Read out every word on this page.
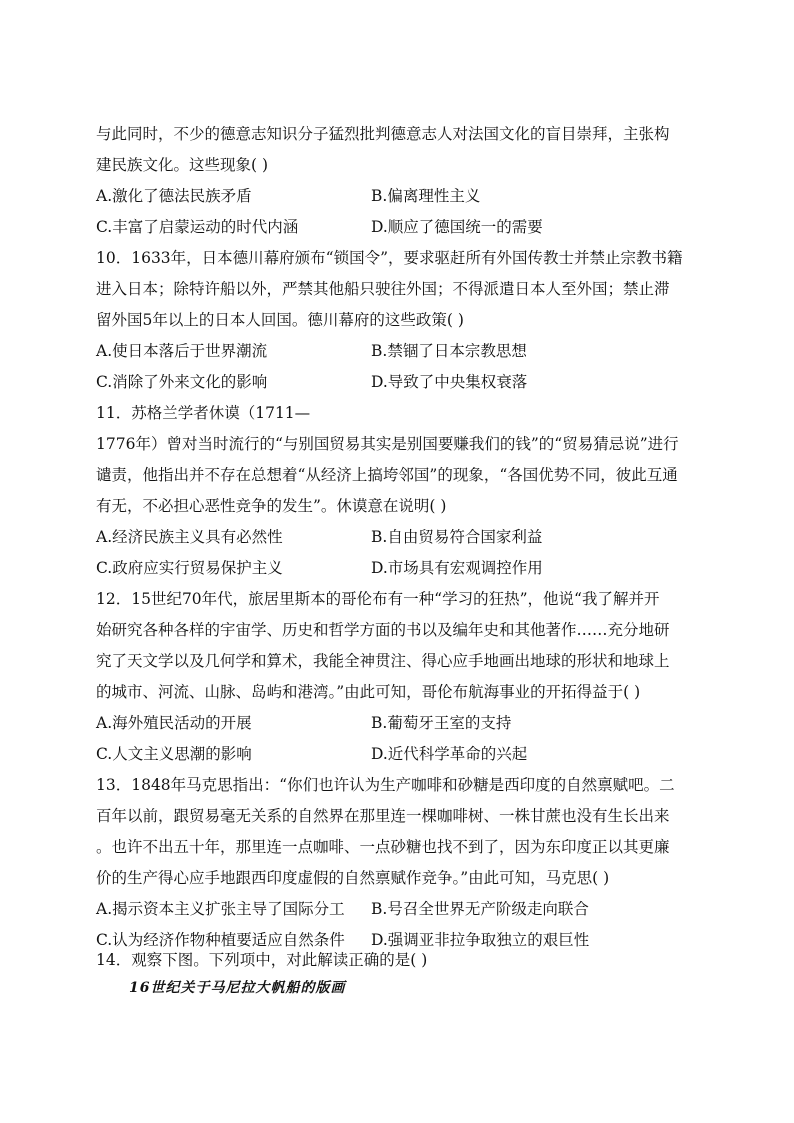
与此同时，不少的德意志知识分子猛烈批判德意志人对法国文化的盲目崇拜，主张构
建民族文化。这些现象( )
A.激化了德法民族矛盾	B.偏离理性主义
C.丰富了启蒙运动的时代内涵	D.顺应了德国统一的需要
10．1633年，日本德川幕府颁布“锁国令”，要求驱赶所有外国传教士并禁止宗教书籍
进入日本；除特许船以外，严禁其他船只驶往外国；不得派遣日本人至外国；禁止滞
留外国5年以上的日本人回国。德川幕府的这些政策( )
A.使日本落后于世界潮流	B.禁锢了日本宗教思想
C.消除了外来文化的影响	D.导致了中央集权衰落
11．苏格兰学者休谟（1711—
1776年）曾对当时流行的“与别国贸易其实是别国要赚我们的钱”的“贸易猜忌说”进行
谴责，他指出并不存在总想着“从经济上搞垮邻国”的现象，“各国优势不同，彼此互通
有无，不必担心恶性竞争的发生”。休谟意在说明( )
A.经济民族主义具有必然性	B.自由贸易符合国家利益
C.政府应实行贸易保护主义	D.市场具有宏观调控作用
12．15世纪70年代，旅居里斯本的哥伦布有一种“学习的狂热”，他说“我了解并开
始研究各种各样的宇宙学、历史和哲学方面的书以及编年史和其他著作……充分地研
究了天文学以及几何学和算术，我能全神贯注、得心应手地画出地球的形状和地球上
的城市、河流、山脉、岛屿和港湾。”由此可知，哥伦布航海事业的开拓得益于( )
A.海外殖民活动的开展	B.葡萄牙王室的支持
C.人文主义思潮的影响	D.近代科学革命的兴起
13．1848年马克思指出：“你们也许认为生产咖啡和砂糖是西印度的自然禀赋吧。二
百年以前，跟贸易毫无关系的自然界在那里连一棵咖啡树、一株甘蔗也没有生长出来
。也许不出五十年，那里连一点咖啡、一点砂糖也找不到了，因为东印度正以其更廉
价的生产得心应手地跟西印度虚假的自然禀赋作竞争。”由此可知，马克思( )
A.揭示资本主义扩张主导了国际分工 B.号召全世界无产阶级走向联合
C.认为经济作物种植要适应自然条件 D.强调亚非拉争取独立的艰巨性
14．观察下图。下列项中，对此解读正确的是( )
16世纪关于马尼拉大帆船的版画
